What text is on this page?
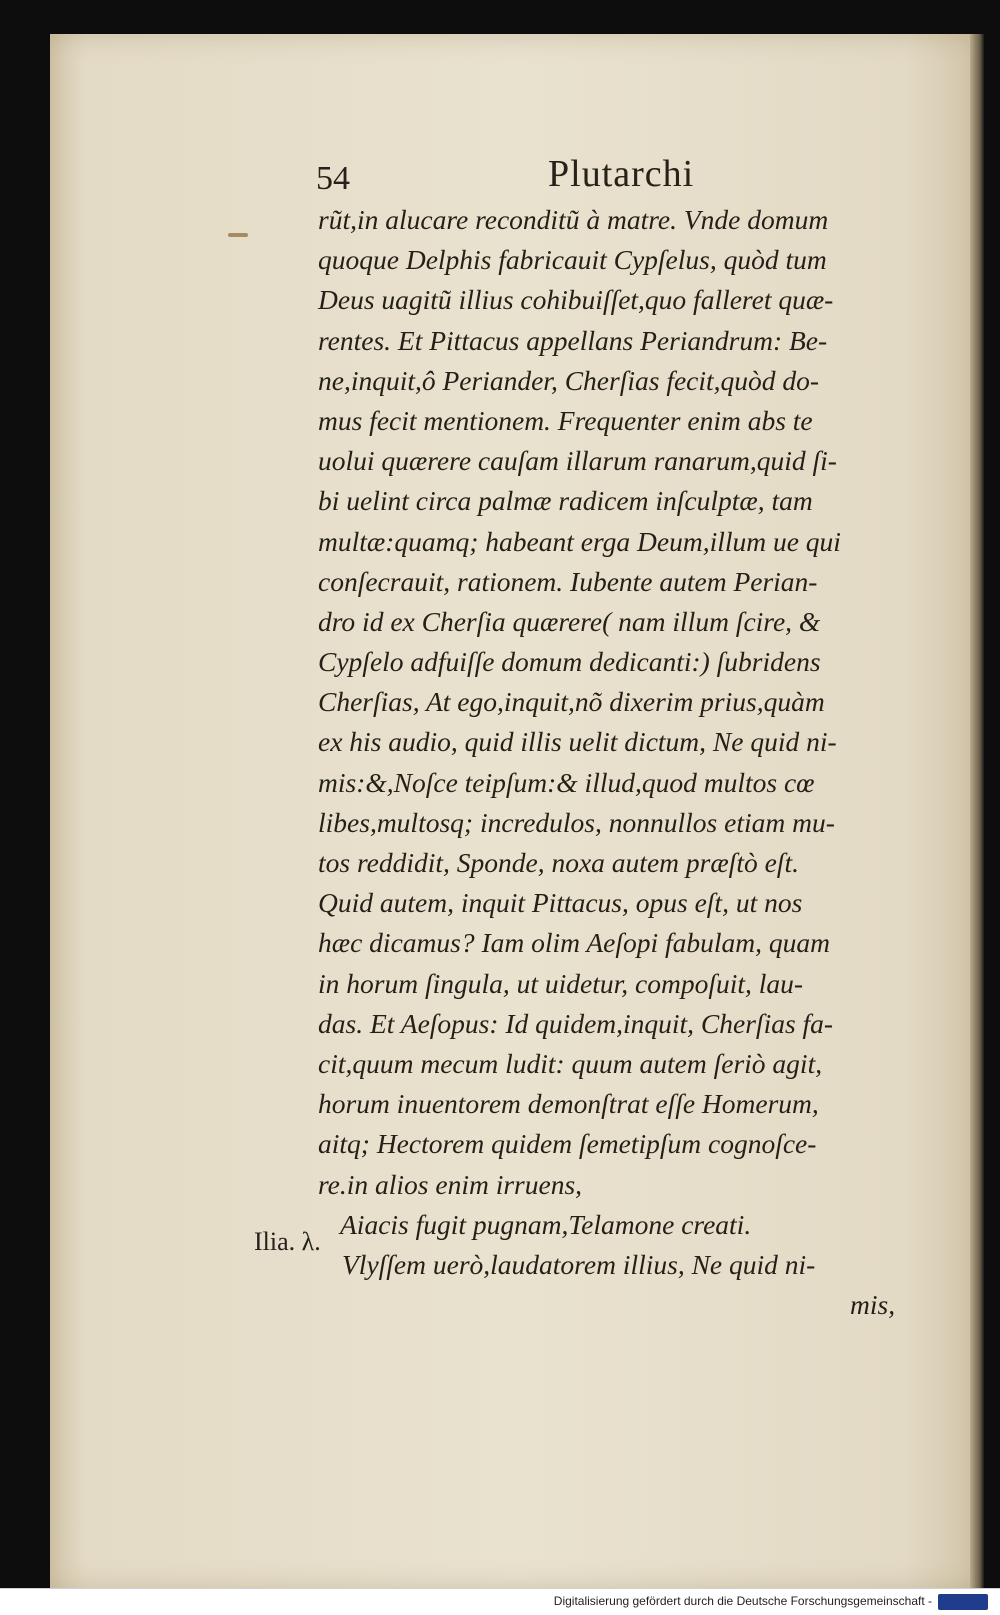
54	Plutarchi
rũt,in alucare reconditũ à matre. Vnde domum
quoque Delphis fabricauit Cypſelus, quòd tum
Deus uagitũ illius cohibuiſſet,quo falleret quæ-
rentes. Et Pittacus appellans Periandrum: Be-
ne,inquit,ô Periander, Cherſias fecit,quòd do-
mus fecit mentionem. Frequenter enim abs te
uolui quærere cauſam illarum ranarum,quid ſi-
bi uelint circa palmæ radicem inſculptæ, tam
multæ:quamq; habeant erga Deum,illum ue qui
conſecrauit, rationem. Iubente autem Perian-
dro id ex Cherſia quærere( nam illum ſcire, &
Cypſelo adfuiſſe domum dedicanti:) ſubridens
Cherſias, At ego,inquit,nõ dixerim prius,quàm
ex his audio, quid illis uelit dictum, Ne quid ni-
mis:&,Noſce teipſum:& illud,quod multos cœ
libes,multosq; incredulos, nonnullos etiam mu-
tos reddidit, Sponde, noxa autem præſtò eſt.
Quid autem, inquit Pittacus, opus eſt, ut nos
hæc dicamus? Iam olim Aeſopi fabulam, quam
in horum ſingula, ut uidetur, compoſuit, lau-
das. Et Aeſopus: Id quidem,inquit, Cherſias fa-
cit,quum mecum ludit: quum autem ſeriò agit,
horum inuentorem demonſtrat eſſe Homerum,
aitq; Hectorem quidem ſemetipſum cognoſce-
re.in alios enim irruens,
Aiacis fugit pugnam,Telamone creati.
Vlyſſem uerò,laudatorem illius, Ne quid ni-
mis,
Ilia. λ.
Digitalisierung gefördert durch die Deutsche Forschungsgemeinschaft -
